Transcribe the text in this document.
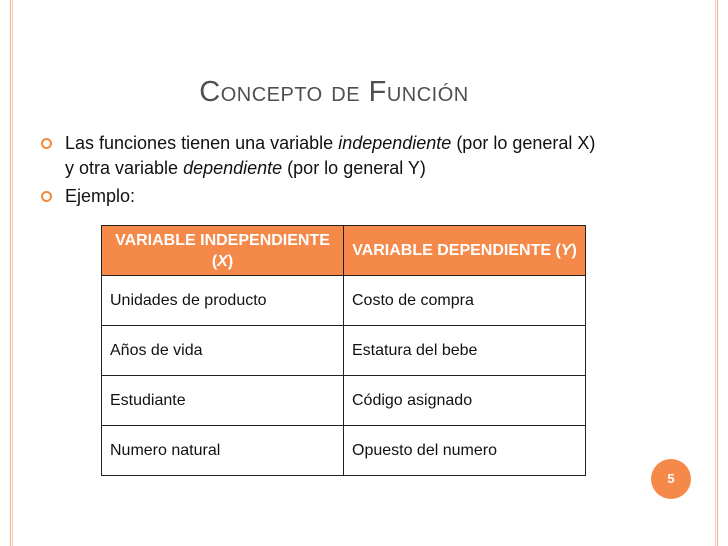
Concepto de Función
Las funciones tienen una variable independiente (por lo general X) y otra variable dependiente (por lo general Y)
Ejemplo:
VARIABLE INDEPENDIENTE (X)	VARIABLE DEPENDIENTE (Y)
Unidades de producto	Costo de compra
Años de vida	Estatura del bebe
Estudiante	Código asignado
Numero natural	Opuesto del numero
5
